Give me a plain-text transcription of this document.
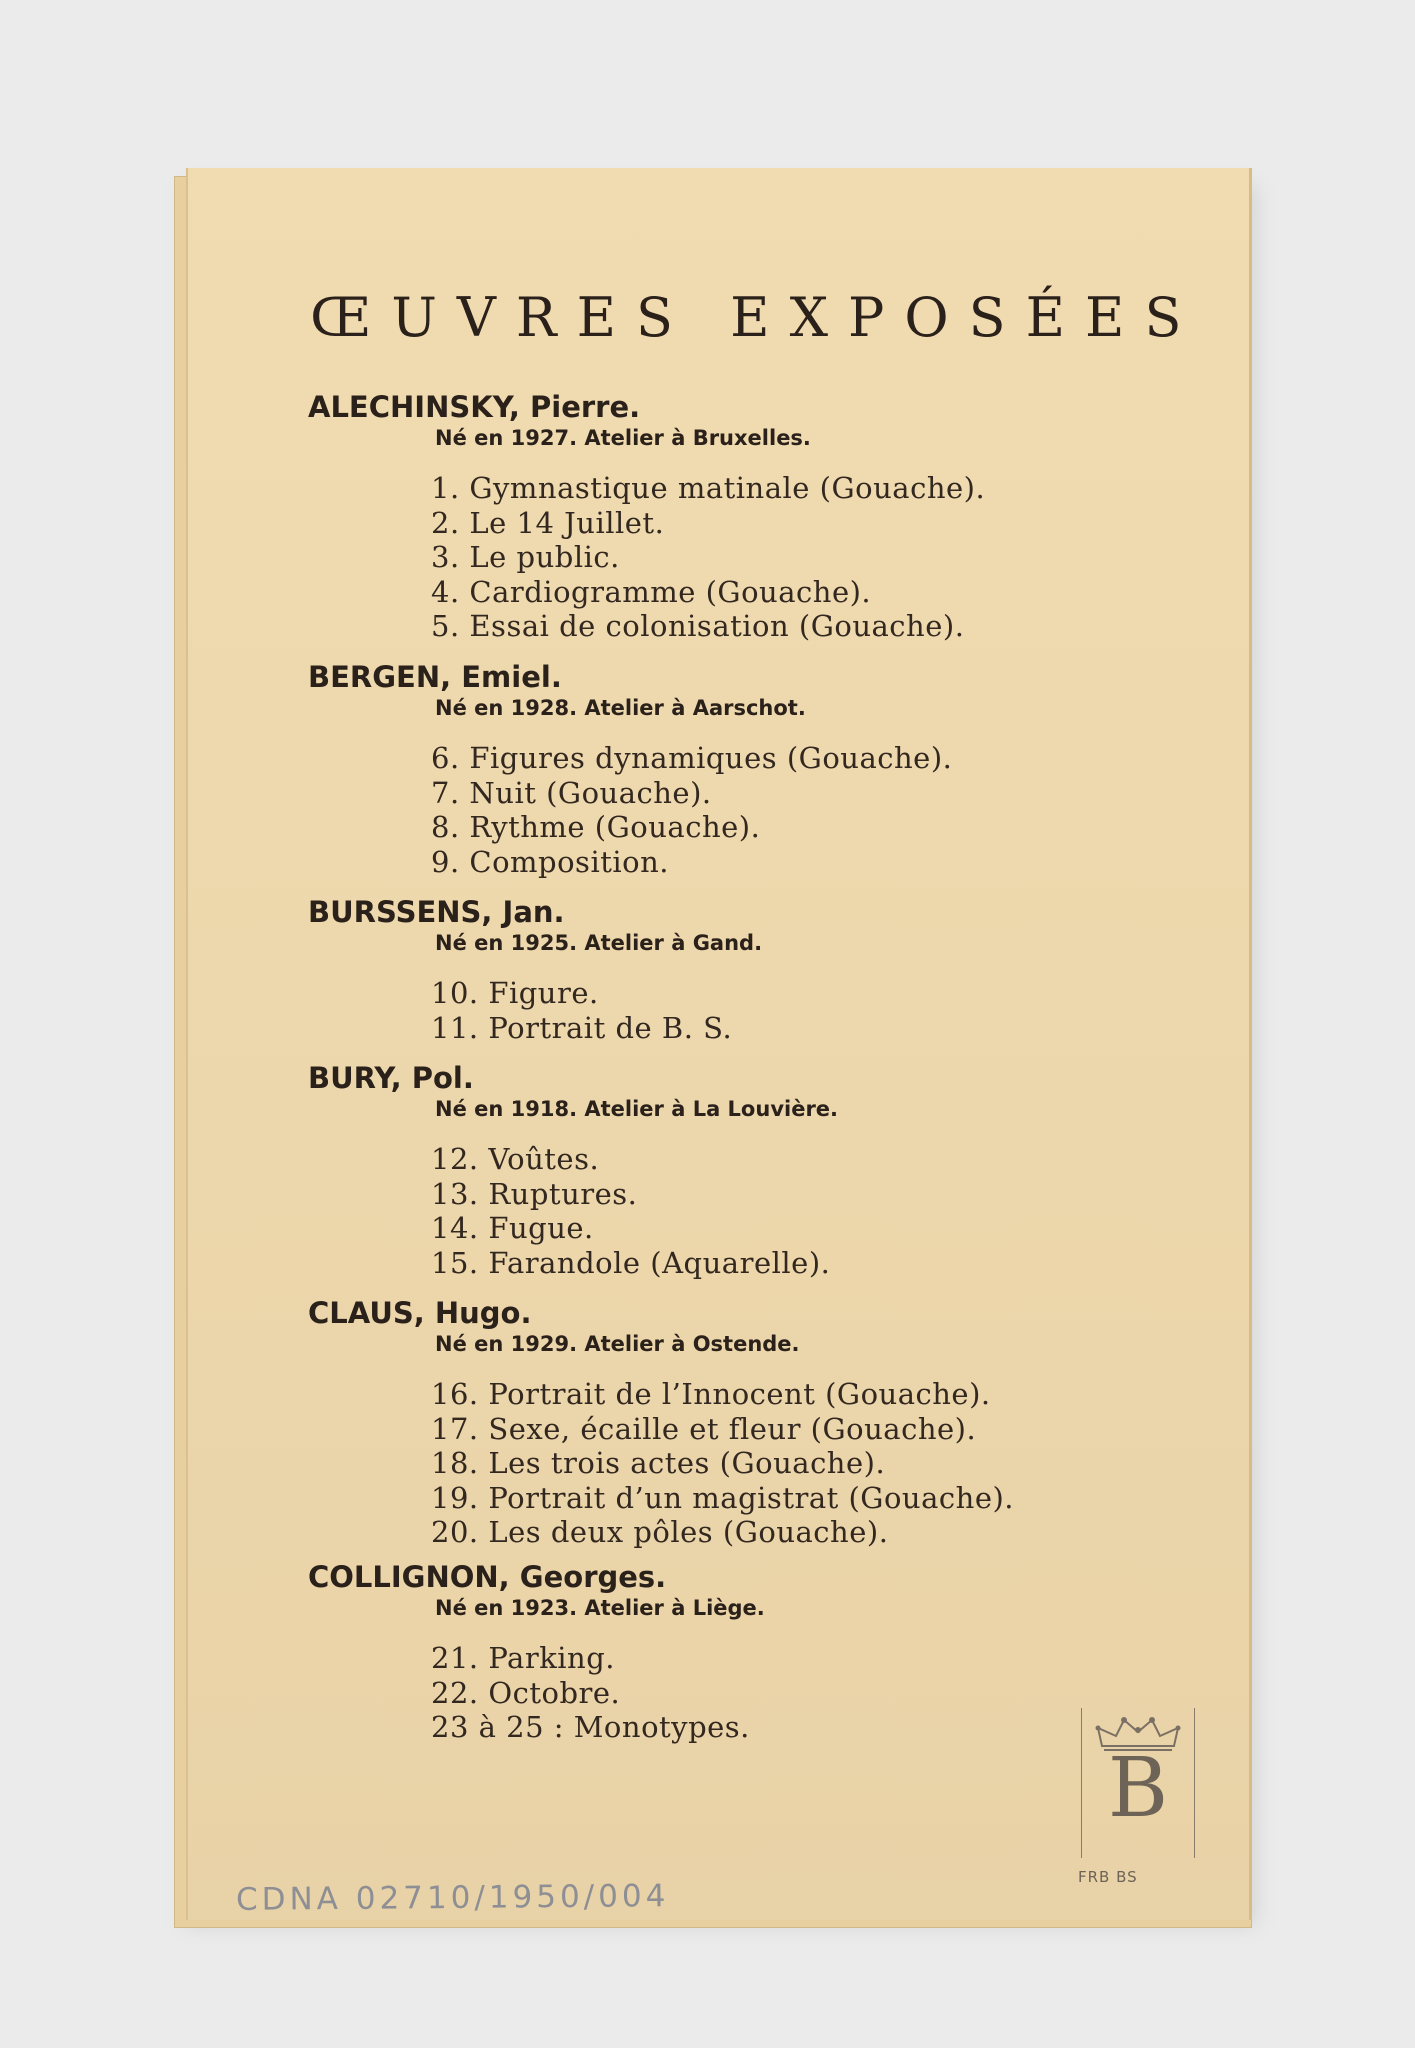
ŒUVRES EXPOSÉES
ALECHINSKY, Pierre.
Né en 1927. Atelier à Bruxelles.
1. Gymnastique matinale (Gouache).
2. Le 14 Juillet.
3. Le public.
4. Cardiogramme (Gouache).
5. Essai de colonisation (Gouache).
BERGEN, Emiel.
Né en 1928. Atelier à Aarschot.
6. Figures dynamiques (Gouache).
7. Nuit (Gouache).
8. Rythme (Gouache).
9. Composition.
BURSSENS, Jan.
Né en 1925. Atelier à Gand.
10. Figure.
11. Portrait de B. S.
BURY, Pol.
Né en 1918. Atelier à La Louvière.
12. Voûtes.
13. Ruptures.
14. Fugue.
15. Farandole (Aquarelle).
CLAUS, Hugo.
Né en 1929. Atelier à Ostende.
16. Portrait de l’Innocent (Gouache).
17. Sexe, écaille et fleur (Gouache).
18. Les trois actes (Gouache).
19. Portrait d’un magistrat (Gouache).
20. Les deux pôles (Gouache).
COLLIGNON, Georges.
Né en 1923. Atelier à Liège.
21. Parking.
22. Octobre.
23 à 25 : Monotypes.
B
FRB BS
CDNA 02710/1950/004
